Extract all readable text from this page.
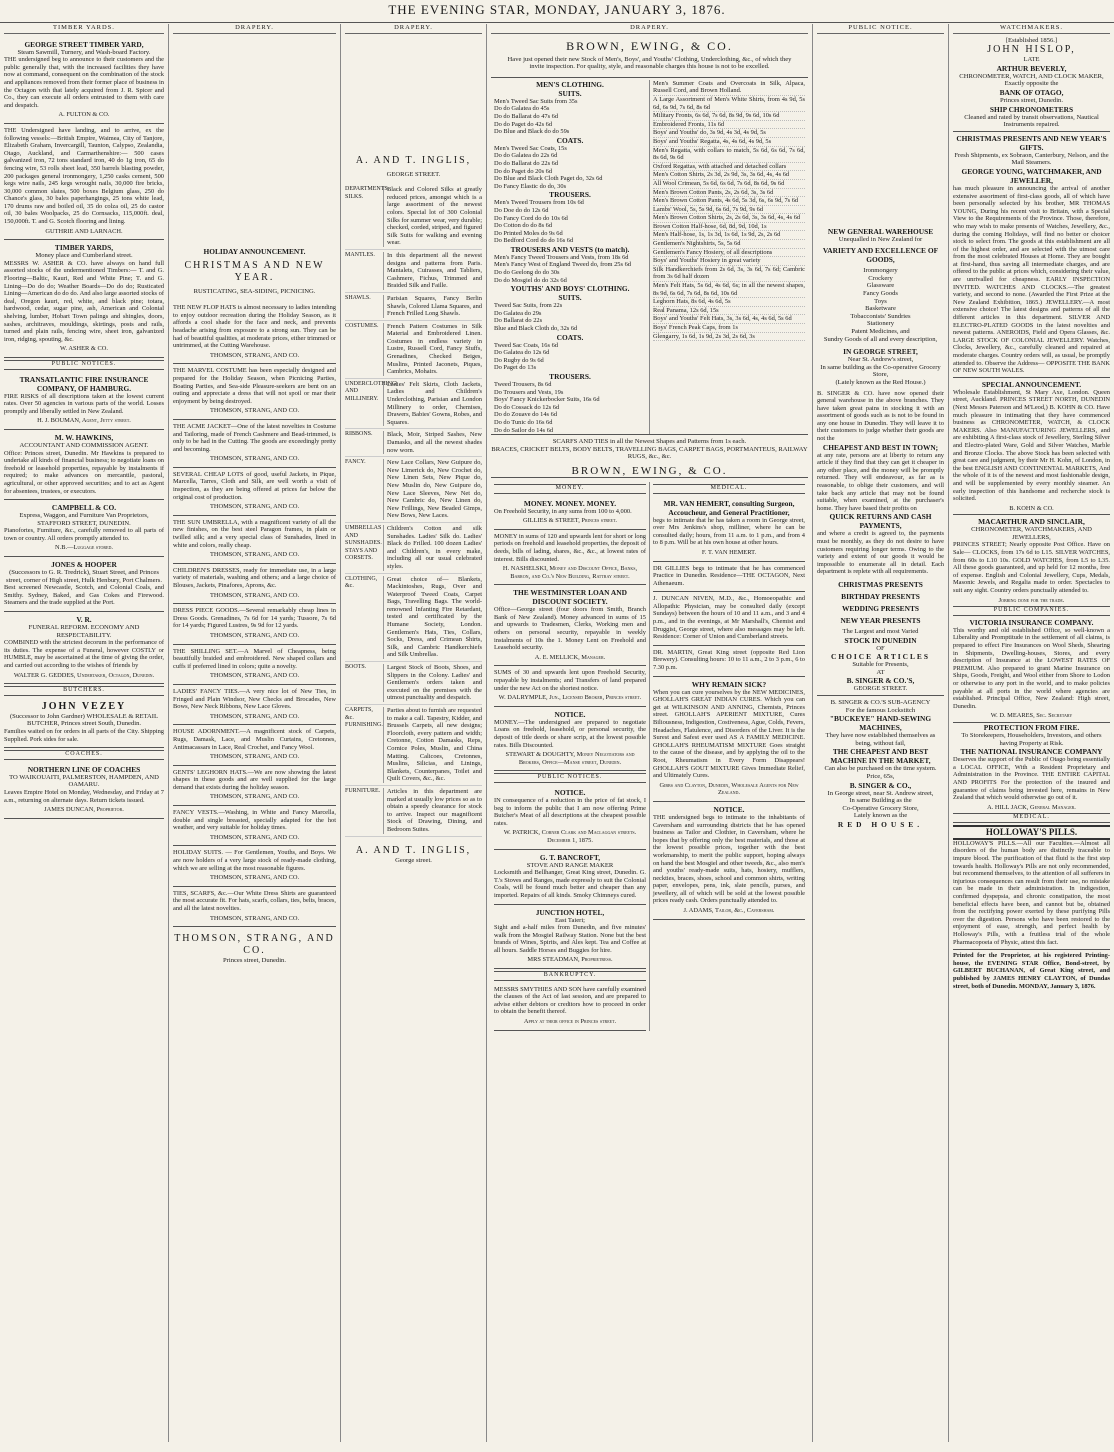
THE EVENING STAR, MONDAY, JANUARY 3, 1876.
TIMBER YARDS.
GEORGE STREET TIMBER YARD,
Steam Sawmill, Turnery, and Wash-board Factory.
THE undersigned beg to announce to their customers and the public generally that, with the increased facilities they have now at command, consequent on the combination of the stock and appliances removed from their former place of business in the Octagon with that lately acquired from J. R. Spicer and Co., they can execute all orders entrusted to them with care and despatch.
A. FULTON & CO.
THE Undersigned have landing, and to arrive, ex the following vessels:—British Empire, Waimea, City of Tanjore, Elizabeth Graham, Invercargill, Taunton, Calypso, Zealandia, Otago, Auckland, and Carmarthenshire:— 500 cases galvanized iron, 72 tons standard iron, 40 do 1g iron, 65 do fencing wire, 53 rolls sheet lead, 350 barrels blasting powder, 200 packages general ironmongery, 1,250 casks cement, 500 kegs wire nails, 245 kegs wrought nails, 30,000 fire bricks, 30,000 common slates, 500 boxes Belgium glass, 250 do Chance's glass, 30 bales paperhangings, 25 tons white lead, 170 drums raw and boiled oil, 35 do colza oil, 25 do castor oil, 30 bales Woolpacks, 25 do Cornsacks, 115,000ft. deal, 150,000ft. T. and G. Scotch flooring and lining.
GUTHRIE AND LARNACH.
TIMBER YARDS,
Money place and Cumberland street.
MESSRS W. ASHER & CO. have always on hand full assorted stocks of the undermentioned Timbers:— T. and G. Flooring—Baltic, Kauri, Red and White Pine; T. and G. Lining—Do do do; Weather Boards—Do do do; Rusticated Lining—American do do do. And also large assorted stocks of deal, Oregon kauri, red, white, and black pine; totara, hardwood, cedar, sugar pine, ash, American and Colonial shelving, lumber, Hobart Town palings and shingles, doors, sashes, architraves, mouldings, skirtings, posts and rails, turned and plain rails, fencing wire, sheet iron, galvanized iron, ridging, spouting, &c.
W. ASHER & CO.
PUBLIC NOTICES.
TRANSATLANTIC FIRE INSURANCE COMPANY, OF HAMBURG.
FIRE RISKS of all descriptions taken at the lowest current rates. Over 50 agencies in various parts of the world. Losses promptly and liberally settled in New Zealand.
H. J. BOUMAN, Agent, Jetty street.
M. W. HAWKINS,
ACCOUNTANT AND COMMISSION AGENT.
Office: Princes street, Dunedin. Mr Hawkins is prepared to undertake all kinds of financial business; to negotiate loans on freehold or leasehold properties, repayable by instalments if required; to make advances on mercantile, pastoral, agricultural, or other approved securities; and to act as Agent for absentees, trustees, or executors.
CAMPBELL & CO.
Express, Waggon, and Furniture Van Proprietors, STAFFORD STREET, DUNEDIN.
Pianofortes, Furniture, &c., carefully removed to all parts of town or country. All orders promptly attended to.
N.B.—Luggage stored.
JONES & HOOPER
(Successors to G. R. Tredrick), Stuart Street, and Princes street, corner of High street, Hulk Henbury, Port Chalmers.
Best screened Newcastle, Scotch, and Colonial Coals, and Smithy. Sydney, Baked, and Gas Cokes and Firewood. Steamers and the trade supplied at the Port.
V. R.
FUNERAL REFORM. ECONOMY AND RESPECTABILITY.
COMBINED with the strictest decorum in the performance of its duties. The expense of a Funeral, however COSTLY or HUMBLE, may be ascertained at the time of giving the order, and carried out according to the wishes of friends by
WALTER G. GEDDES, Undertaker, Octagon, Dunedin.
BUTCHERS.
JOHN VEZEY
(Successor to John Gardner) WHOLESALE & RETAIL BUTCHER, Princes street South, Dunedin.
Families waited on for orders in all parts of the City. Shipping Supplied. Pork sides for sale.
COACHES.
NORTHERN LINE OF COACHES
TO WAIKOUAITI, PALMERSTON, HAMPDEN, AND OAMARU.
Leaves Empire Hotel on Monday, Wednesday, and Friday at 7 a.m., returning on alternate days. Return tickets issued.
JAMES DUNCAN, Proprietor.
DRAPERY.
HOLIDAY ANNOUNCEMENT.
CHRISTMAS AND NEW YEAR.
RUSTICATING, SEA-SIDING, PICNICING.
THE NEW FLOP HATS is almost necessary to ladies intending to enjoy outdoor recreation during the Holiday Season, as it affords a cool shade for the face and neck, and prevents headache arising from exposure to a strong sun. They can be had of beautiful qualities, at moderate prices, either trimmed or untrimmed, at the Cutting Warehouse.
THOMSON, STRANG, AND CO.
THE MARVEL COSTUME has been especially designed and prepared for the Holiday Season, when Picnicing Parties, Boating Parties, and Sea-side Pleasure-seekers are bent on an outing and appreciate a dress that will not spoil or mar their enjoyment by being destroyed.
THOMSON, STRANG, AND CO.
THE ACME JACKET—One of the latest novelties in Costume and Tailoring, made of French Cashmere and Bead-trimmed, is only to be had in the Cutting. The goods are exceedingly pretty and becoming.
THOMSON, STRANG, AND CO.
SEVERAL CHEAP LOTS of good, useful Jackets, in Pique, Marcella, Tarres, Cloth and Silk, are well worth a visit of inspection, as they are being offered at prices far below the original cost of production.
THOMSON, STRANG, AND CO.
THE SUN UMBRELLA, with a magnificent variety of all the new finishes, on the best steel Paragon frames, in plain or twilled silk; and a very special class of Sunshades, lined in white and colors, really cheap.
THOMSON, STRANG, AND CO.
CHILDREN'S DRESSES, ready for immediate use, in a large variety of materials, washing and others; and a large choice of Blouses, Jackets, Pinafores, Aprons, &c.
THOMSON, STRANG, AND CO.
DRESS PIECE GOODS.—Several remarkably cheap lines in Dress Goods. Grenadines, 7s 6d for 14 yards; Tussore, 7s 6d for 14 yards; Figured Lustres, 9s 9d for 12 yards.
THOMSON, STRANG, AND CO.
THE SHILLING SET.—A Marvel of Cheapness, being beautifully braided and embroidered. New shaped collars and cuffs if preferred lined in colors; quite a novelty.
THOMSON, STRANG, AND CO.
LADIES' FANCY TIES.—A very nice lot of New Ties, in Fringed and Plain Windsor, New Checks and Brocades, New Bows, New Neck Ribbons, New Lace Gloves.
THOMSON, STRANG, AND CO.
HOUSE ADORNMENT.—A magnificent stock of Carpets, Rugs, Damask, Lace, and Muslin Curtains, Cretonnes, Antimacassars in Lace, Real Crochet, and Fancy Wool.
THOMSON, STRANG, AND CO.
GENTS' LEGHORN HATS.—We are now showing the latest shapes in these goods and are well supplied for the large demand that exists during the holiday season.
THOMSON, STRANG, AND CO.
FANCY VESTS.—Washing, in White and Fancy Marcella, double and single breasted, specially adapted for the hot weather, and very suitable for holiday times.
THOMSON, STRANG, AND CO.
HOLIDAY SUITS. — For Gentlemen, Youths, and Boys. We are now holders of a very large stock of ready-made clothing, which we are selling at the most reasonable figures.
THOMSON, STRANG, AND CO.
TIES, SCARFS, &c.—Our White Dress Shirts are guaranteed the most accurate fit. For hats, scarfs, collars, ties, belts, braces, and all the latest novelties.
THOMSON, STRANG, AND CO.
THOMSON, STRANG, AND CO.
Princes street, Dunedin.
DRAPERY.
A. AND T. INGLIS,
GEORGE STREET.
DEPARTMENTS. SILKS.
Black and Colored Silks at greatly reduced prices, amongst which is a large assortment of the newest colors. Special lot of 300 Colonial Silks for summer wear, very durable; checked, corded, striped, and figured Silk Suits for walking and evening wear.
MANTLES.	In this department all the newest designs and patterns from Paris. Mantalets, Cuirasses, and Tabliers, Cashmere, Fichus, Trimmed and Braided Silk and Faille.
SHAWLS.	Parisian Squares, Fancy Berlin Shawls, Colored Llama Squares, and French Frilled Long Shawls.
COSTUMES.	French Pattern Costumes in Silk Material and Embroidered Linen. Costumes in endless variety in Lustre, Russell Cord, Fancy Stuffs, Grenadines, Checked Beiges, Muslins, Printed Jaconets, Piques, Cambrics, Mohairs.
UNDERCLOTHING AND MILLINERY.
Ladies' Felt Skirts, Cloth Jackets, Ladies and Children's Underclothing, Parisian and London Millinery to order, Chemises, Drawers, Babies' Gowns, Robes, and Squares.
RIBBONS.	Black, Moir, Striped Sashes, New Damasks, and all the newest shades now worn.
FANCY.	New Lace Collars, New Guipure do, New Limerick do, New Crochet do, New Linen Sets, New Pique do, New Muslin do, New Guipure do, New Lace Sleeves, New Net do, New Cambric do, New Linen do, New Frillings, New Beaded Gimps, New Bows, New Laces.
UMBRELLAS AND SUNSHADES. STAYS AND CORSETS.
Children's Cotton and silk Sunshades. Ladies' Silk do. Ladies' Black do Frilled. 100 dozen Ladies' and Children's, in every make, including all our usual celebrated styles.
CLOTHING, &c.
Great choice of— Blankets, Mackintoshes, Rugs, Over and Waterproof Tweed Coats, Carpet Bags, Travelling Bags. The world-renowned Infanting Fire Retardant, tested and certificated by the Humane Society, London. Gentlemen's Hats, Ties, Collars, Socks, Dress, and Crimean Shirts, Silk, and Cambric Handkerchiefs and Silk Umbrellas.
BOOTS.	Largest Stock of Boots, Shoes, and Slippers in the Colony. Ladies' and Gentlemen's orders taken and executed on the premises with the utmost punctuality and despatch.
CARPETS, &c. FURNISHING.
Parties about to furnish are requested to make a call. Tapestry, Kidder, and Brussels Carpets, all new designs; Floorcloth, every pattern and width; Cretonne, Cotton Damasks, Reps, Cornice Poles, Muslin, and China Matting. Calicoes, Cretonnes, Muslins, Silicias, and Linings, Blankets, Counterpanes, Toilet and Quilt Covers, &c., &c.
FURNITURE.	Articles in this department are marked at usually low prices so as to obtain a speedy clearance for stock to arrive. Inspect our magnificent Stock of Drawing, Dining, and Bedroom Suites.
A. AND T. INGLIS,
George street.
DRAPERY.
BROWN, EWING, & CO.
Have just opened their new Stock of Men's, Boys', and Youths' Clothing, Underclothing, &c., of which they invite inspection. For quality, style, and reasonable charges this house is not to be excelled.
MEN'S CLOTHING.
SUITS.
Men's Tweed Sac Suits from 35s
Do do Galatea do 45s
Do do Ballarat do 47s 6d
Do do Paget do 42s 6d
Do Blue and Black do do 59s
COATS.
Men's Tweed Sac Coats, 15s
Do do Galatea do 22s 6d
Do do Ballarat do 22s 6d
Do do Paget do 20s 6d
Do Blue and Black Cloth Paget do, 32s 6d
Do Fancy Elastic do do, 30s
TROUSERS.
Men's Tweed Trousers from 10s 6d
Do Doe do do 12s 6d
Do Fancy Cord do do 10s 6d
Do Cotton do do 8s 6d
Do Printed Moles do 9s 6d
Do Bedford Cord do do 16s 6d
TROUSERS AND VESTS (to match).
Men's Fancy Tweed Trousers and Vests, from 18s 6d
Men's Fancy West of England Tweed do, from 25s 6d
Do do Geelong do do 30s
Do do Mosgiel do do 32s 6d
YOUTHS' AND BOYS' CLOTHING.
SUITS.
Tweed Sac Suits, from 22s
Do Galatea do 29s
Do Ballarat do 22s
Blue and Black Cloth do, 32s 6d
COATS.
Tweed Sac Coats, 16s 6d
Do Galatea do 12s 6d
Do Rugby do 9s 6d
Do Paget do 13s
TROUSERS.
Tweed Trousers, 8s 6d
Do Trousers and Vests, 19s
Boys' Fancy Knickerbocker Suits, 16s 6d
Do do Cossack do 12s 6d
Do do Zouave do 14s 6d
Do do Tunic do 16s 6d
Do do Sailor do 14s 6d
Men's Summer Coats and Overcoats in Silk, Alpaca, Russell Cord, and Brown Holland.
A Large Assortment of Men's White Shirts, from 4s 9d, 5s 6d, 6s 9d, 7s 6d, 8s 6d
Military Fronts, 6s 6d, 7s 6d, 8s 9d, 9s 6d, 10s 6d
Embroidered Fronts, 11s 6d
Boys' and Youths' do, 3s 9d, 4s 3d, 4s 9d, 5s
Boys' and Youths' Regatta, 4s, 4s 6d, 4s 9d, 5s
Men's Regatta, with collars to match, 5s 6d, 6s 6d, 7s 6d, 8s 6d, 9s 6d
Oxford Regattas, with attached and detached collars
Men's Cotton Shirts, 2s 3d, 2s 9d, 3s, 3s 6d, 4s, 4s 6d
All Wool Crimean, 5s 6d, 6s 6d, 7s 6d, 8s 6d, 9s 6d
Men's Brown Cotton Pants, 2s, 2s 6d, 3s, 3s 6d
Men's Brown Cotton Pants, 4s 6d, 5s 3d, 6s, 6s 9d, 7s 6d
Lambs' Wool, 5s, 5s 9d, 6s 6d, 7s 9d, 9s 6d
Men's Brown Cotton Shirts, 2s, 2s 6d, 3s, 3s 6d, 4s, 4s 6d
Brown Cotton Half-hose, 6d, 8d, 9d, 10d, 1s
Men's Half-hose, 1s, 1s 3d, 1s 6d, 1s 9d, 2s, 2s 6d
Gentlemen's Nightshirts, 5s, 5s 6d
Gentlemen's Fancy Hosiery, of all descriptions
Boys' and Youths' Hosiery in great variety
Silk Handkerchiefs from 2s 6d, 3s, 3s 6d, 7s 6d; Cambric from 3s 6d half dozen
Men's Felt Hats, 5s 6d, 4s 6d, 6s; in all the newest shapes, 8s 9d, 6s 6d, 7s 6d, 8s 6d, 10s 6d
Leghorn Hats, 8s 6d, 4s 6d, 5s
Real Panama, 12s 6d, 15s
Boys' and Youths' Felt Hats, 3s, 3s 6d, 4s, 4s 6d, 5s 6d
Boys' French Peak Caps, from 1s
Glengarry, 1s 6d, 1s 9d, 2s 3d, 2s 6d, 3s
SCARFS AND TIES in all the Newest Shapes and Patterns from 1s each.
BRACES, CRICKET BELTS, BODY BELTS, TRAVELLING BAGS, CARPET BAGS, PORTMANTEUS, RAILWAY RUGS, &c., &c.
BROWN, EWING, & CO.
MONEY.
MONEY. MONEY. MONEY.
On Freehold Security, in any sums from 100 to 4,000.
GILLIES & STREET, Princes street.
MONEY in sums of 120 and upwards lent for short or long periods on freehold and leasehold properties, the deposit of deeds, bills of lading, shares, &c., &c., at lowest rates of interest. Bills discounted.
H. NASHELSKI, Money and Discount Office, Banks, Barron, and Co.'s New Building, Rattray street.
THE WESTMINSTER LOAN AND DISCOUNT SOCIETY.
Office—George street (four doors from Smith, Branch Bank of New Zealand). Money advanced in sums of 15 and upwards to Tradesmen, Clerks, Working men and others on personal security, repayable in weekly instalments of 10s the 1. Money Lent on Freehold and Leasehold security.
A. E. MELLICK, Manager.
SUMS of 30 and upwards lent upon Freehold Security, repayable by instalments; and Transfers of land prepared under the new Act on the shortest notice.
W. DALRYMPLE, Jun., Licensed Broker, Princes street.
NOTICE.
MONEY.—The undersigned are prepared to negotiate Loans on freehold, leasehold, or personal security, the deposit of title deeds or share scrip, at the lowest possible rates. Bills Discounted.
STEWART & DOUGHTY, Money Negotiators and Brokers, Office—Manse street, Dunedin.
PUBLIC NOTICES.
NOTICE.
IN consequence of a reduction in the price of fat stock, I beg to inform the public that I am now offering Prime Butcher's Meat of all descriptions at the cheapest possible rates.
W. PATRICK, Corner Clark and Maclaggan streets. December 1, 1875.
G. T. BANCROFT,
STOVE AND RANGE MAKER
Locksmith and Bellhanger, Great King street, Dunedin. G. T.'s Stoves and Ranges, made expressly to suit the Colonial Coals, will be found much better and cheaper than any imported. Repairs of all kinds. Smoky Chimneys cured.
JUNCTION HOTEL,
East Taieri;
Sight and a-half miles from Dunedin, and five minutes' walk from the Mosgiel Railway Station. None but the best brands of Wines, Spirits, and Ales kept. Tea and Coffee at all hours. Saddle Horses and Buggies for hire.
MRS STEADMAN, Proprietress.
BANKRUPTCY.
MESSRS SMYTHIES AND SON have carefully examined the clauses of the Act of last session, and are prepared to advise either debtors or creditors how to proceed in order to obtain the benefit thereof.
Apply at their office in Princes street.
MEDICAL.
MR. VAN HEMERT, consulting Surgeon, Accoucheur, and General Practitioner,
begs to intimate that he has taken a room in George street, over Mrs Jenkins's shop, milliner, where he can be consulted daily; hours, from 11 a.m. to 1 p.m., and from 4 to 8 p.m. Will be at his own house at other hours.
F. T. VAN HEMERT.
DR GILLIES begs to intimate that he has commenced Practice in Dunedin. Residence—THE OCTAGON, Next Athenaeum.
J. DUNCAN NIVEN, M.D., &c., Homoeopathic and Allopathic Physician, may be consulted daily (except Sundays) between the hours of 10 and 11 a.m., and 3 and 4 p.m., and in the evenings, at Mr Marshall's, Chemist and Druggist, George street, where also messages may be left. Residence: Corner of Union and Cumberland streets.
DR. MARTIN, Great King street (opposite Red Lion Brewery). Consulting hours: 10 to 11 a.m., 2 to 3 p.m., 6 to 7.30 p.m.
WHY REMAIN SICK?
When you can cure yourselves by the NEW MEDICINES, GHOLLAH'S GREAT INDIAN CURES. Which you can get at WILKINSON AND ANNING, Chemists, Princes street. GHOLLAH'S APERIENT MIXTURE, Cures Biliousness, Indigestion, Costiveness, Ague, Colds, Fevers, Headaches, Flatulence, and Disorders of the Liver. It is the Surest and Safest ever used AS A FAMILY MEDICINE. GHOLLAH'S RHEUMATISM MIXTURE Goes straight to the cause of the disease, and by applying the oil to the Root, Rheumatism in Every Form Disappears! GHOLLAH'S GOUT MIXTURE Gives Immediate Relief, and Ultimately Cures.
Gibbs and Clayton, Dunedin, Wholesale Agents for New Zealand.
NOTICE.
THE undersigned begs to intimate to the inhabitants of Caversham and surrounding districts that he has opened business as Tailor and Clothier, in Caversham, where he hopes that by offering only the best materials, and those at the lowest possible prices, together with the best workmanship, to merit the public support, hoping always on hand the best Mosgiel and other tweeds, &c., also men's and youths' ready-made suits, hats, hosiery, mufflers, neckties, braces, shoes, school and common shirts, writing paper, envelopes, pens, ink, slate pencils, purses, and jewellery, all of which will be sold at the lowest possible prices ready cash. Orders punctually attended to.
J. ADAMS, Tailor, &c., Caversham.
PUBLIC NOTICE.
NEW GENERAL WAREHOUSE
Unequalled in New Zealand for
VARIETY AND EXCELLENCE OF GOODS,
Ironmongery
Crockery
Glassware
Fancy Goods
Toys
Basketware
Tobacconists' Sundries
Stationery
Patent Medicines, and
Sundry Goods of all and every description,
IN GEORGE STREET,
Near St. Andrew's street,
In same building as the Co-operative Grocery Store,
(Lately known as the Red House.)
B. SINGER & CO. have now opened their general warehouse in the above branches. They have taken great pains in stocking it with an assortment of goods such as is not to be found in any one house in Dunedin. They will leave it to their customers to judge whether their goods are not the
CHEAPEST AND BEST IN TOWN;
at any rate, persons are at liberty to return any article if they find that they can get it cheaper in any other place, and the money will be promptly returned. They will endeavour, as far as is reasonable, to oblige their customers, and will take back any article that may not be found suitable, when examined, at the purchaser's home. They have based their profits on
QUICK RETURNS AND CASH PAYMENTS,
and where a credit is agreed to, the payments must be monthly, as they do not desire to have customers requiring longer terms. Owing to the variety and extent of our goods it would be impossible to enumerate all in detail. Each department is replete with all requirements.
CHRISTMAS PRESENTS
BIRTHDAY PRESENTS
WEDDING PRESENTS
NEW YEAR PRESENTS
The Largest and most Varied
STOCK IN DUNEDIN
OF
CHOICE ARTICLES
Suitable for Presents,
AT
B. SINGER & CO.'S,
GEORGE STREET.
B. SINGER & CO.'S SUB-AGENCY
For the famous Lockstitch
"BUCKEYE" HAND-SEWING MACHINES,
They have now established themselves as being, without fail,
THE CHEAPEST AND BEST MACHINE IN THE MARKET,
Can also be purchased on the time system. Price, 65s,
B. SINGER & CO.,
In George street, near St. Andrew street,
In same Building as the
Co-Operative Grocery Store,
Lately known as the
RED HOUSE.
WATCHMAKERS.
[Established 1856.]
JOHN HISLOP,
LATE
ARTHUR BEVERLY,
CHRONOMETER, WATCH, AND CLOCK MAKER,
Exactly opposite the
BANK OF OTAGO,
Princes street, Dunedin.
SHIP CHRONOMETERS
Cleaned and rated by transit observations, Nautical Instruments repaired.
CHRISTMAS PRESENTS AND NEW YEAR'S GIFTS.
Fresh Shipments, ex Sobraon, Canterbury, Nelson, and the Mail Steamers.
GEORGE YOUNG, WATCHMAKER, AND JEWELLER,
has much pleasure in announcing the arrival of another extensive assortment of first-class goods, all of which have been personally selected by his brother, MR THOMAS YOUNG, During his recent visit to Britain, with a Special View to the Requirements of the Province. Those, therefore, who may wish to make presents of Watches, Jewellery, &c., during the coming Holidays, will find no better or choicer stock to select from. The goods at this establishment are all of the highest order, and are selected with the utmost care from the most celebrated Houses at Home. They are bought at first-hand, thus saving all intermediate charges, and are offered to the public at prices which, considering their value, are unrivalled for cheapness. EARLY INSPECTION INVITED. WATCHES AND CLOCKS.—The greatest variety, and second to none. (Awarded the First Prize at the New Zealand Exhibition, 1865.) JEWELLERY.—A most extensive choice! The latest designs and patterns of all the different articles in this department. SILVER AND ELECTRO-PLATED GOODS in the latest novelties and newest patterns. ANEROIDS, Field and Opera Glasses, &c. LARGE STOCK OF COLONIAL JEWELLERY. Watches, Clocks, Jewellery, &c., carefully cleaned and repaired at moderate charges. Country orders will, as usual, be promptly attended to. Observe the Address— OPPOSITE THE BANK OF NEW SOUTH WALES.
SPECIAL ANNOUNCEMENT.
Wholesale Establishment, St Mary Axe, London. Queen street, Auckland. PRINCES STREET NORTH, DUNEDIN (Next Messrs Paterson and M'Leod,) B. KOHN & CO. Have much pleasure in intimating that they have commenced business as CHRONOMETER, WATCH, & CLOCK MAKERS. Also MANUFACTURING JEWELLERS, and are exhibiting A first-class stock of Jewellery, Sterling Silver and Electro-plated Ware, Gold and Silver Watches, Marble and Bronze Clocks. The above Stock has been selected with great care and judgment, by their Mr H. Kohn, of London, in the best ENGLISH AND CONTINENTAL MARKETS, And the whole of it is of the newest and most fashionable design, and will be supplemented by every monthly steamer. An early inspection of this handsome and recherche stock is solicited.
B. KOHN & CO.
MACARTHUR AND SINCLAIR,
CHRONOMETER, WATCHMAKERS, AND JEWELLERS,
PRINCES STREET; Nearly opposite Post Office. Have on Sale— CLOCKS, from 17s 6d to L15. SILVER WATCHES, from 60s to L10 10s. GOLD WATCHES, from L5 to L35. All these goods guaranteed, and up held for 12 months, free of expense. English and Colonial Jewellery, Cups, Medals, Masonic Jewels, and Regalia made to order. Spectacles to suit any sight. Country orders punctually attended to.
Jobbing done for the trade.
PUBLIC COMPANIES.
VICTORIA INSURANCE COMPANY.
This worthy and old established Office, so well-known a Liberality and Promptitude in the settlement of all claims, is prepared to effect Fire Insurances on Wool Sheds, Shearing in Shipments, Dwelling-houses, Stores, and every description of Insurance at the LOWEST RATES OF PREMIUM. Also prepared to grant Marine Insurance on Ships, Goods, Freight, and Wool either from Shore to Lodon or otherwise to any port in the world, and to make policies payable at all ports in the world where agencies are established. Principal Office, New Zealand: High street, Dunedin.
W. D. MEARES, Sec. Secretary
PROTECTION FROM FIRE.
To Storekeepers, Householders, Investors, and others having Property at Risk.
THE NATIONAL INSURANCE COMPANY
Deserves the support of the Public of Otago being essentially a LOCAL OFFICE, With a Resident Proprietary and Administration in the Province. THE ENTIRE CAPITAL AND PROFITS For the protection of the insured and guarantee of claims being invested here, remains in New Zealand that which would otherwise go out of it.
A. HILL JACK, General Manager.
MEDICAL.
HOLLOWAY'S PILLS.
HOLLOWAY'S PILLS.—All our Faculties.—Almost all disorders of the human body are distinctly traceable to impure blood. The purification of that fluid is the first step towards health. Holloway's Pills are not only recommended, but recommend themselves, to the attention of all sufferers in injurious consequences can result from their use, no mistake can be made in their administration. In indigestion, confirmed dyspepsia, and chronic constipation, the most beneficial effects have been, and cannot but be, obtained from the rectifying power exerted by these purifying Pills over the digestion. Persons who have been restored to the enjoyment of ease, strength, and perfect health by Holloway's Pills, with a fruitless trial of the whole Pharmacopoeia of Physic, attest this fact.
Printed for the Proprietor, at his registered Printing-house, the EVENING STAR Office, Bond-street, by GILBERT BUCHANAN, of Great King street, and published by JAMES HENRY CLAYTON, of Dundas street, both of Dunedin. MONDAY, January 3, 1876.
